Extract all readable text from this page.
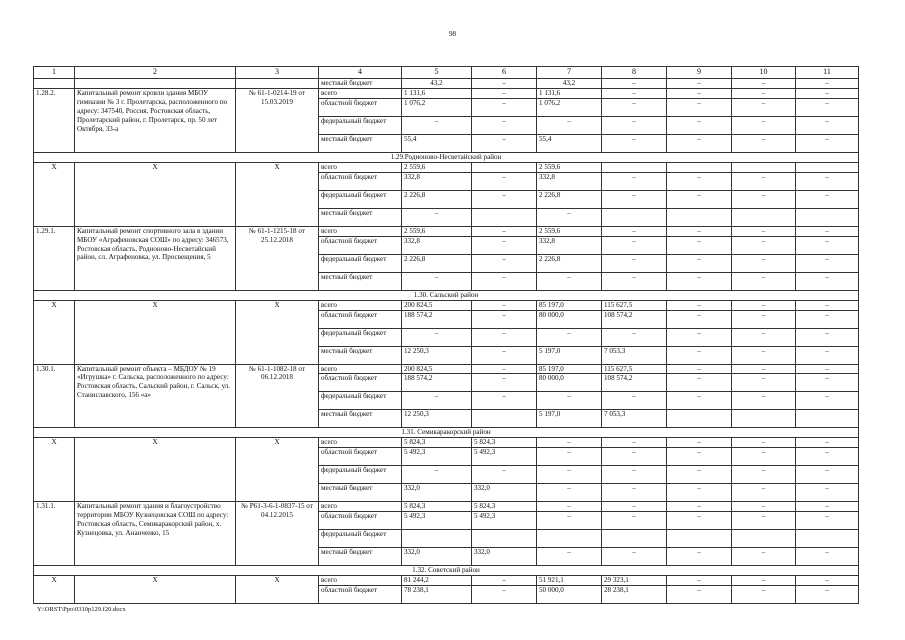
98
1	2	3	4	5	6	7	8	9	10	11
			местный бюджет	43,2	–	43,2	–	–	–	–
1.28.2.	Капитальный ремонт кровли здания МБОУ гимназии № 3 г. Пролетарска, расположенного по адресу: 347540, Россия, Ростовская область, Пролетарский район, г. Пролетарск, пр. 50 лет Октября, 33-а	№ 61-1-0214-19 от 15.03.2019	всего	1 131,6	–	1 131,6	–	–	–	–
			областной бюджет	1 076,2	–	1 076,2	–	–	–	–
			федеральный бюджет	–	–	–	–	–	–	–
			местный бюджет	55,4	–	55,4	–	–	–	–
1.29.Родионово-Несветайский район										
X	X	X	всего	2 559,6		2 559,6				
			областной бюджет	332,8	–	332,8	–	–	–	–
			федеральный бюджет	2 226,8	–	2 226,8	–	–	–	–
			местный бюджет	–		–				
1.29.1.	Капитальный ремонт спортивного зала в здании МБОУ «Аграфеновская СОШ» по адресу: 346573, Ростовская область, Родионово-Несветайский район, сл. Аграфеновка, ул. Просвещения, 5	№ 61-1-1215-18 от 25.12.2018	всего	2 559,6	–	2 559,6	–	–	–	–
			областной бюджет	332,8	–	332,8	–	–	–	–
			федеральный бюджет	2 226,8	–	2 226,8	–	–	–	–
			местный бюджет	–	–	–	–	–	–	–
1.30. Сальский район										
X	X	X	всего	200 824,5	–	85 197,0	115 627,5	–	–	–
			областной бюджет	188 574,2	–	80 000,0	108 574,2	–	–	–
			федеральный бюджет	–	–	–	–	–	–	–
			местный бюджет	12 250,3	–	5 197,0	7 053,3	–	–	–
1.30.1.	Капитальный ремонт объекта – МБДОУ № 19 «Игрушка» г. Сальска, расположенного по адресу: Ростовская область, Сальский район, г. Сальск, ул. Станиславского, 156 «а»	№ 61-1-1082-18 от 06.12.2018	всего	200 824,5	–	85 197,0	115 627,5	–	–	–
			областной бюджет	188 574,2	–	80 000,0	108 574,2	–	–	–
			федеральный бюджет	–	–	–	–	–	–	–
			местный бюджет	12 250,3		5 197,0	7 053,3			
1.31. Семикаракорский район										
X	X	X	всего	5 824,3	5 824,3	–	–	–	–	–
			областной бюджет	5 492,3	5 492,3	–	–	–	–	–
			федеральный бюджет	–	–	–	–	–	–	–
			местный бюджет	332,0	332,0	–	–	–	–	–
1.31.1.	Капитальный ремонт здания и благоустройство территории МБОУ Кузнецовская СОШ по адресу: Ростовская область, Семикаракорский район, х. Кузнецовка, ул. Ананченко, 15	№ P61-3-6-1-0837-15 от 04.12.2015	всего	5 824,3	5 824,3	–	–	–	–	–
			областной бюджет	5 492,3	5 492,3	–	–	–	–	–
			федеральный бюджет							
			местный бюджет	332,0	332,0	–	–	–	–	–
1.32. Советский район										
X	X	X	всего	81 244,2	–	51 921,1	29 323,1	–	–	–
			областной бюджет	78 238,1	–	50 000,0	28 238,1	–	–	–
Y:\ORST\Ppo\0310p129.f20.docx
